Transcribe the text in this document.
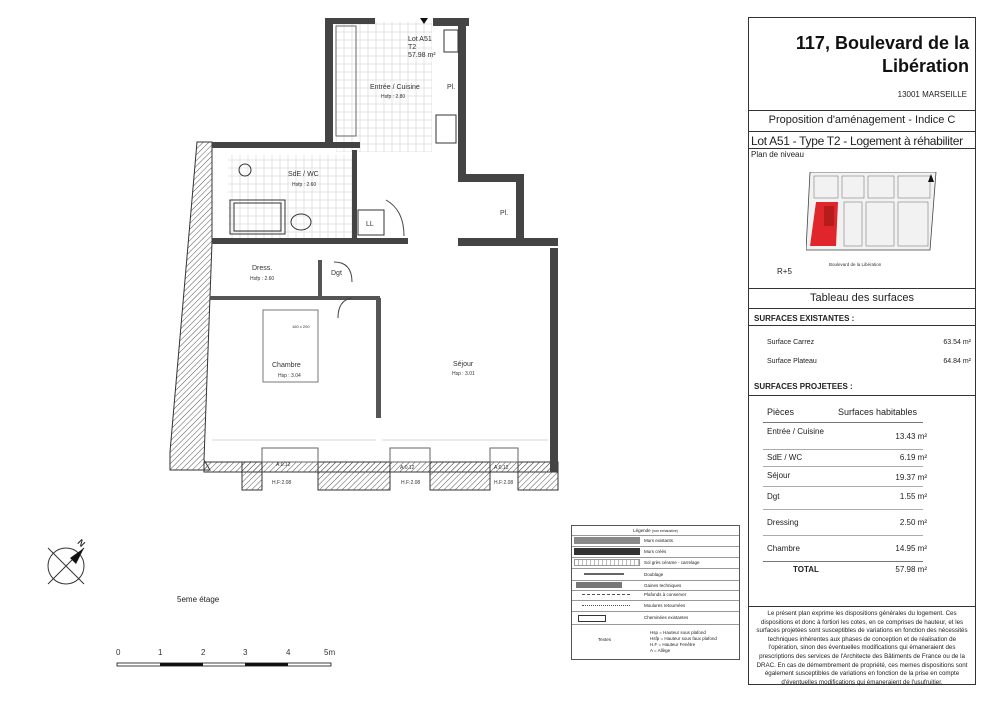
Lot A51
T2
57.98 m²
Entrée / Cuisine
Hsfp : 2.80
Pl.
SdE / WC
Hsfp : 2.60
LL
Pl.
Dress.
Hsfp : 2.60
Dgt
160 x 200
Chambre
Hsp : 3.04
Séjour
Hsp : 3.01
A:0.12	A:0.12	A:0.12
H.F:2.08	H.F:2.08	H.F:2.08
N
5eme étage
0	1	2	3	4	5m
Légende (non exhaustive)
Murs existants
Murs créés
Sol grès cérame - carrelage
Doublage
Gaines techniques
Plafonds à conserver
Moulures retournées
Cheminées existantes
Textes
Hsp = Hauteur sous plafond
Hsfp = Hauteur sous faux plafond
H.F = Hauteur Fenêtre
A = Allège
117, Boulevard de la
Libération
13001 MARSEILLE
Proposition d'aménagement - Indice C
Lot A51 - Type T2 - Logement à réhabiliter
Plan de niveau
Boulevard de la Libération
R+5
Tableau des surfaces
SURFACES EXISTANTES :
Surface Carrez	63.54 m²
Surface Plateau	64.84 m²
SURFACES PROJETEES :
Pièces	Surfaces habitables
Entrée / Cuisine
13.43 m²
SdE / WC	6.19 m²
Séjour	19.37 m²
Dgt	1.55 m²
Dressing	2.50 m²
Chambre	14.95 m²
TOTAL	57.98 m²
Le présent plan exprime les dispositions générales du logement. Ces dispositions et donc à fortiori les cotes, en ce comprises de hauteur, et les surfaces projetées sont susceptibles de variations en fonction des nécessités techniques inhérentes aux phases de conception et de réalisation de l'opération, sinon des éventuelles modifications qui émaneraient des prescriptions des services de l'Architecte des Bâtiments de France ou de la DRAC. En cas de démembrement de propriété, ces memes dispositions sont également susceptibles de variations en fonction de la prise en compte d'éventuelles modifications qui émaneraient de l'usufruitier.
